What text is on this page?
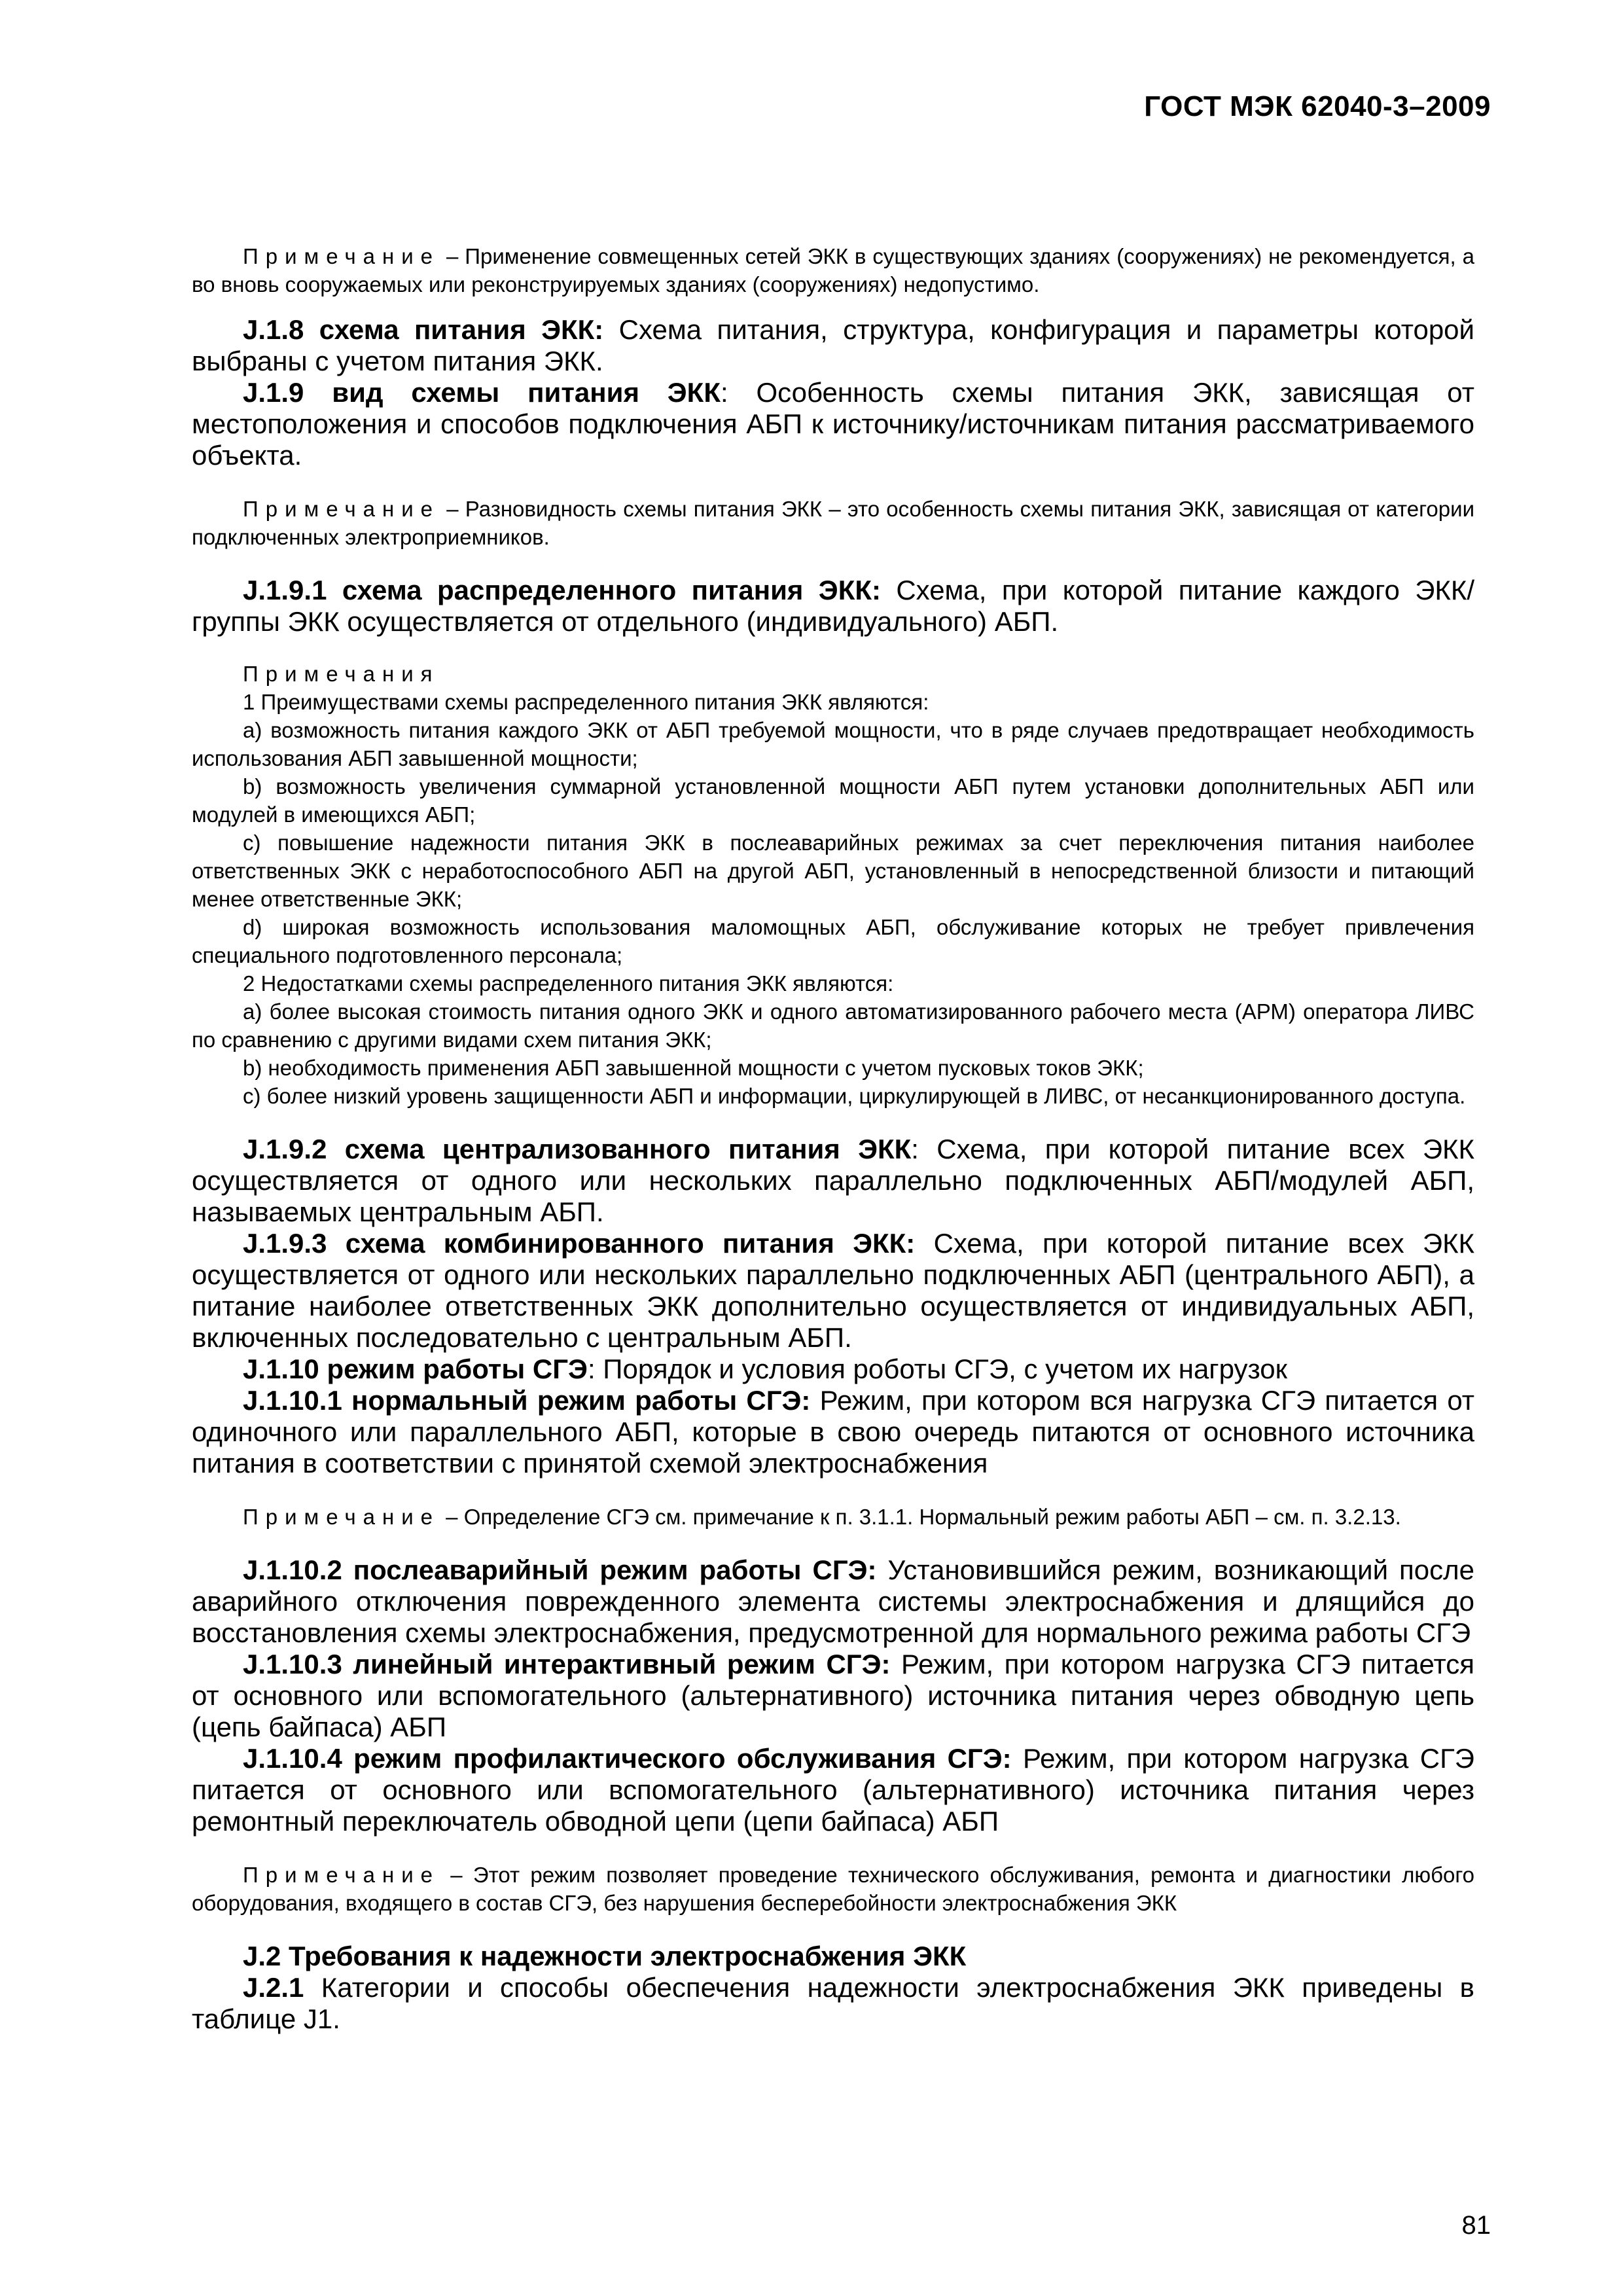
ГОСТ МЭК 62040-3–2009

Примечание – Применение совмещенных сетей ЭКК в существующих зданиях (сооружениях) не рекомендуется, а во вновь сооружаемых или реконструируемых зданиях (сооружениях) недопустимо.

J.1.8 схема питания ЭКК: Схема питания, структура, конфигурация и параметры которой выбраны с учетом питания ЭКК.

J.1.9 вид схемы питания ЭКК: Особенность схемы питания ЭКК, зависящая от местоположения и способов подключения АБП к источнику/источникам питания рассматриваемого объекта.

Примечание – Разновидность схемы питания ЭКК – это особенность схемы питания ЭКК, зависящая от категории подключенных электроприемников.

J.1.9.1 схема распределенного питания ЭКК: Схема, при которой питание каждого ЭКК/группы ЭКК осуществляется от отдельного (индивидуального) АБП.

Примечания

1 Преимуществами схемы распределенного питания ЭКК являются:

а) возможность питания каждого ЭКК от АБП требуемой мощности, что в ряде случаев предотвращает необходимость использования АБП завышенной мощности;

b) возможность увеличения суммарной установленной мощности АБП путем установки дополнительных АБП или модулей в имеющихся АБП;

с) повышение надежности питания ЭКК в послеаварийных режимах за счет переключения питания наиболее ответственных ЭКК с неработоспособного АБП на другой АБП, установленный в непосредственной близости и питающий менее ответственные ЭКК;

d) широкая возможность использования маломощных АБП, обслуживание которых не требует привлечения специального подготовленного персонала;

2 Недостатками схемы распределенного питания ЭКК являются:

а) более высокая стоимость питания одного ЭКК и одного автоматизированного рабочего места (АРМ) оператора ЛИВС по сравнению с другими видами схем питания ЭКК;

b) необходимость применения АБП завышенной мощности с учетом пусковых токов ЭКК;

с) более низкий уровень защищенности АБП и информации, циркулирующей в ЛИВС, от несанкционированного доступа.

J.1.9.2 схема централизованного питания ЭКК: Схема, при которой питание всех ЭКК осуществляется от одного или нескольких параллельно подключенных АБП/модулей АБП, называемых центральным АБП.

J.1.9.3 схема комбинированного питания ЭКК: Схема, при которой питание всех ЭКК осуществляется от одного или нескольких параллельно подключенных АБП (центрального АБП), а питание наиболее ответственных ЭКК дополнительно осуществляется от индивидуальных АБП, включенных последовательно с центральным АБП.

J.1.10 режим работы СГЭ: Порядок и условия роботы СГЭ, с учетом их нагрузок

J.1.10.1 нормальный режим работы СГЭ: Режим, при котором вся нагрузка СГЭ питается от одиночного или параллельного АБП, которые в свою очередь питаются от основного источника питания в соответствии с принятой схемой электроснабжения

Примечание – Определение СГЭ см. примечание к п. 3.1.1. Нормальный режим работы АБП – см. п. 3.2.13.

J.1.10.2 послеаварийный режим работы СГЭ: Установившийся режим, возникающий после аварийного отключения поврежденного элемента системы электроснабжения и длящийся до восстановления схемы электроснабжения, предусмотренной для нормального режима работы СГЭ

J.1.10.3 линейный интерактивный режим СГЭ: Режим, при котором нагрузка СГЭ питается от основного или вспомогательного (альтернативного) источника питания через обводную цепь (цепь байпаса) АБП

J.1.10.4 режим профилактического обслуживания СГЭ: Режим, при котором нагрузка СГЭ питается от основного или вспомогательного (альтернативного) источника питания через ремонтный переключатель обводной цепи (цепи байпаса) АБП

Примечание – Этот режим позволяет проведение технического обслуживания, ремонта и диагностики любого оборудования, входящего в состав СГЭ, без нарушения бесперебойности электроснабжения ЭКК

J.2 Требования к надежности электроснабжения ЭКК

J.2.1 Категории и способы обеспечения надежности электроснабжения ЭКК приведены в таблице J1.

81
